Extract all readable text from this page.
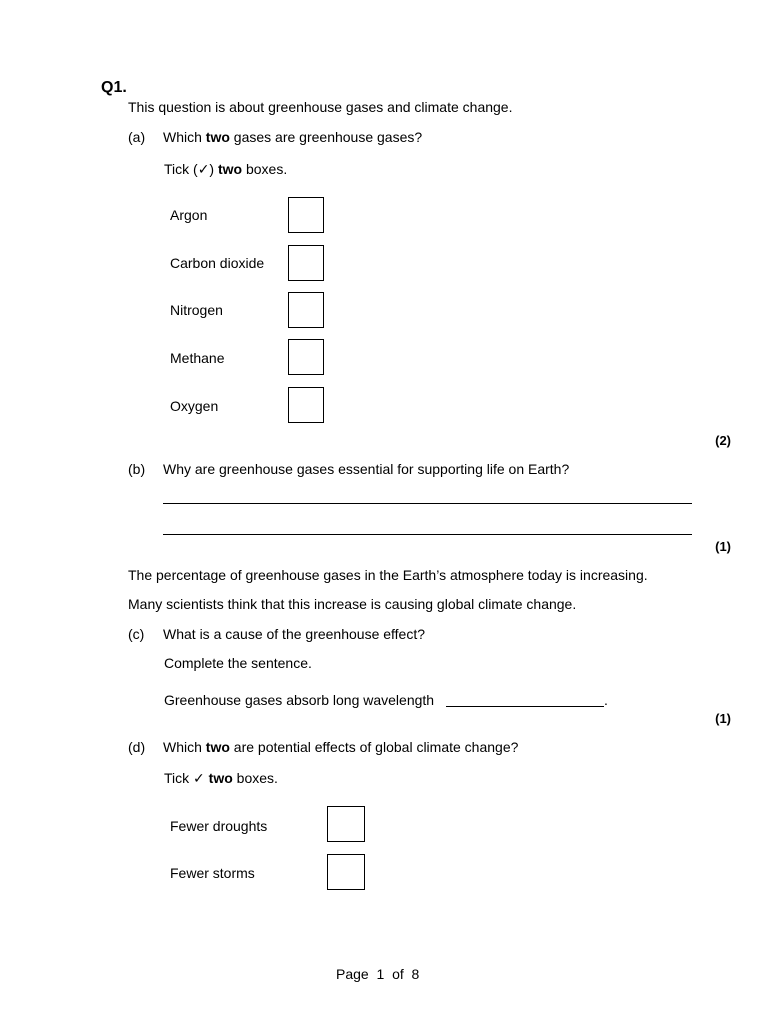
Q1.
This question is about greenhouse gases and climate change.
(a) Which two gases are greenhouse gases?
Tick (✓) two boxes.
Argon
Carbon dioxide
Nitrogen
Methane
Oxygen
(2)
(b) Why are greenhouse gases essential for supporting life on Earth?
(1)
The percentage of greenhouse gases in the Earth’s atmosphere today is increasing.
Many scientists think that this increase is causing global climate change.
(c) What is a cause of the greenhouse effect?
Complete the sentence.
Greenhouse gases absorb long wavelength	.
(1)
(d) Which two are potential effects of global climate change?
Tick ✓ two boxes.
Fewer droughts
Fewer storms
Page 1 of 8
